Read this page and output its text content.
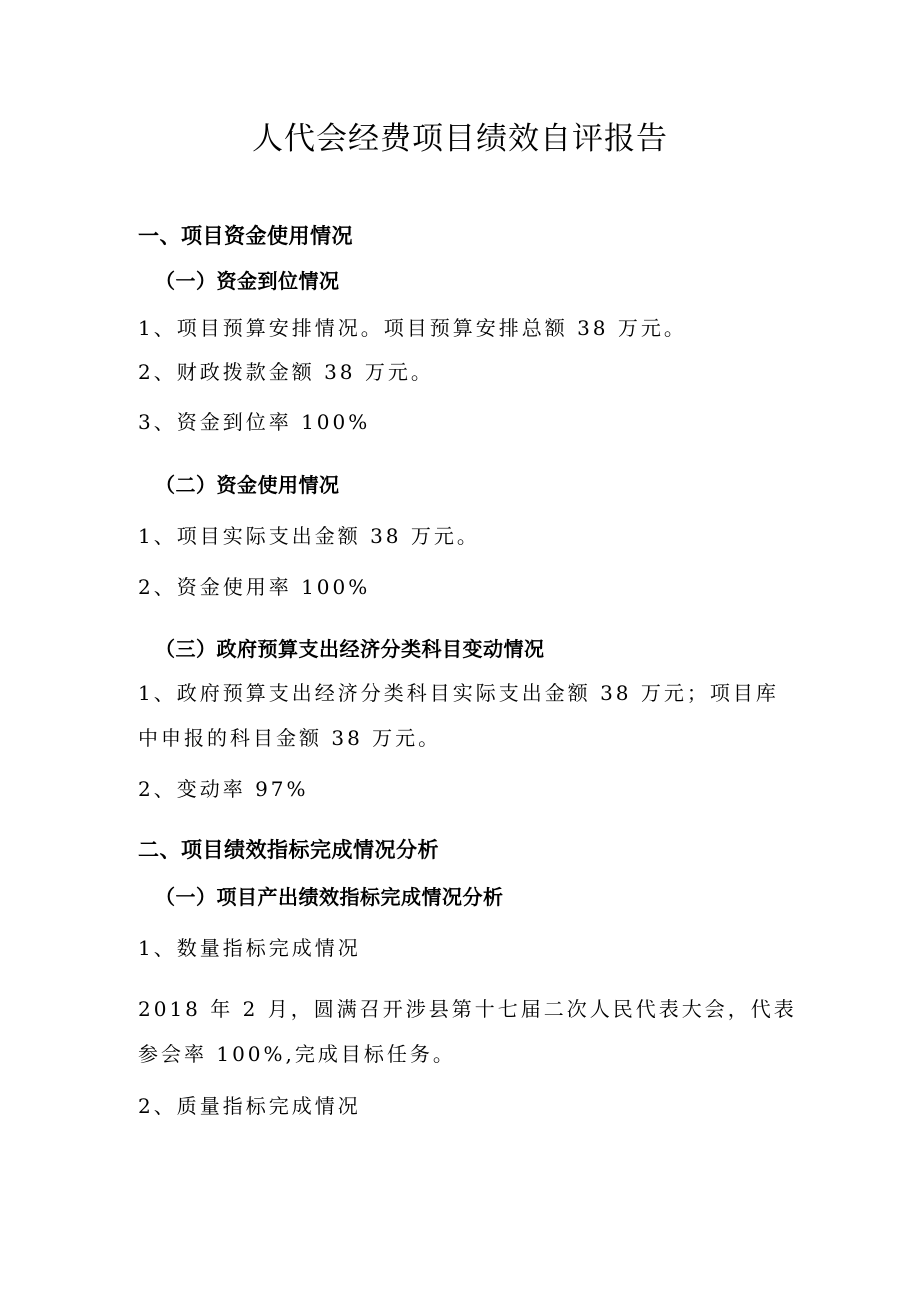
人代会经费项目绩效自评报告
一、项目资金使用情况
（一）资金到位情况
1、项目预算安排情况。项目预算安排总额 38 万元。
2、财政拨款金额 38 万元。
3、资金到位率 100%
（二）资金使用情况
1、项目实际支出金额 38 万元。
2、资金使用率 100%
（三）政府预算支出经济分类科目变动情况
1、政府预算支出经济分类科目实际支出金额 38 万元；项目库
中申报的科目金额 38 万元。
2、变动率 97%
二、项目绩效指标完成情况分析
（一）项目产出绩效指标完成情况分析
1、数量指标完成情况
2018 年 2 月，圆满召开涉县第十七届二次人民代表大会，代表
参会率 100%,完成目标任务。
2、质量指标完成情况
